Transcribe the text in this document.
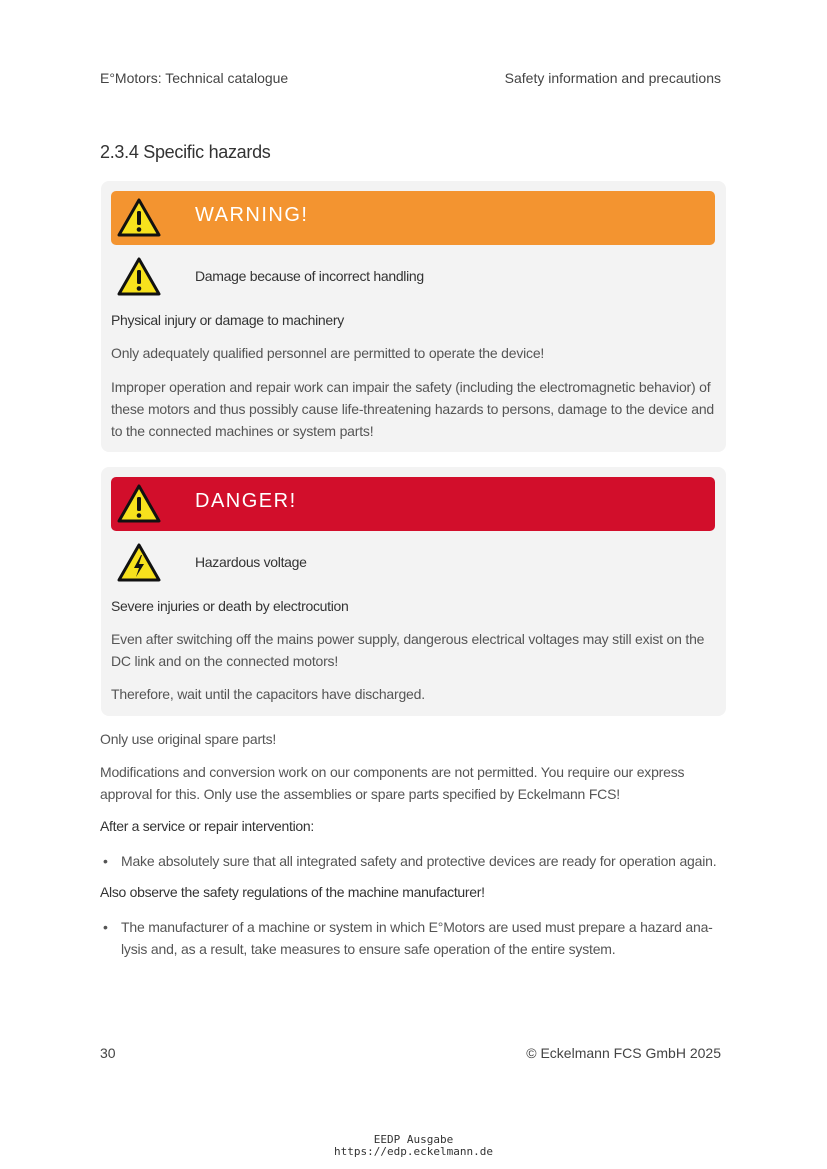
E°Motors: Technical catalogue	Safety information and precautions
2.3.4 Specific hazards
WARNING!
Damage because of incorrect handling
Physical injury or damage to machinery
Only adequately qualified personnel are permitted to operate the device!
Improper operation and repair work can impair the safety (including the electromagnetic behavior) of these motors and thus possibly cause life-threatening hazards to persons, damage to the device and to the connected machines or system parts!
DANGER!
Hazardous voltage
Severe injuries or death by electrocution
Even after switching off the mains power supply, dangerous electrical voltages may still exist on the DC link and on the connected motors!
Therefore, wait until the capacitors have discharged.
Only use original spare parts!
Modifications and conversion work on our components are not permitted. You require our express approval for this. Only use the assemblies or spare parts specified by Eckelmann FCS!
After a service or repair intervention:
• Make absolutely sure that all integrated safety and protective devices are ready for operation again.
Also observe the safety regulations of the machine manufacturer!
• The manufacturer of a machine or system in which E°Motors are used must prepare a hazard ana-lysis and, as a result, take measures to ensure safe operation of the entire system.
30	© Eckelmann FCS GmbH 2025
EEDP Ausgabe
https://edp.eckelmann.de
